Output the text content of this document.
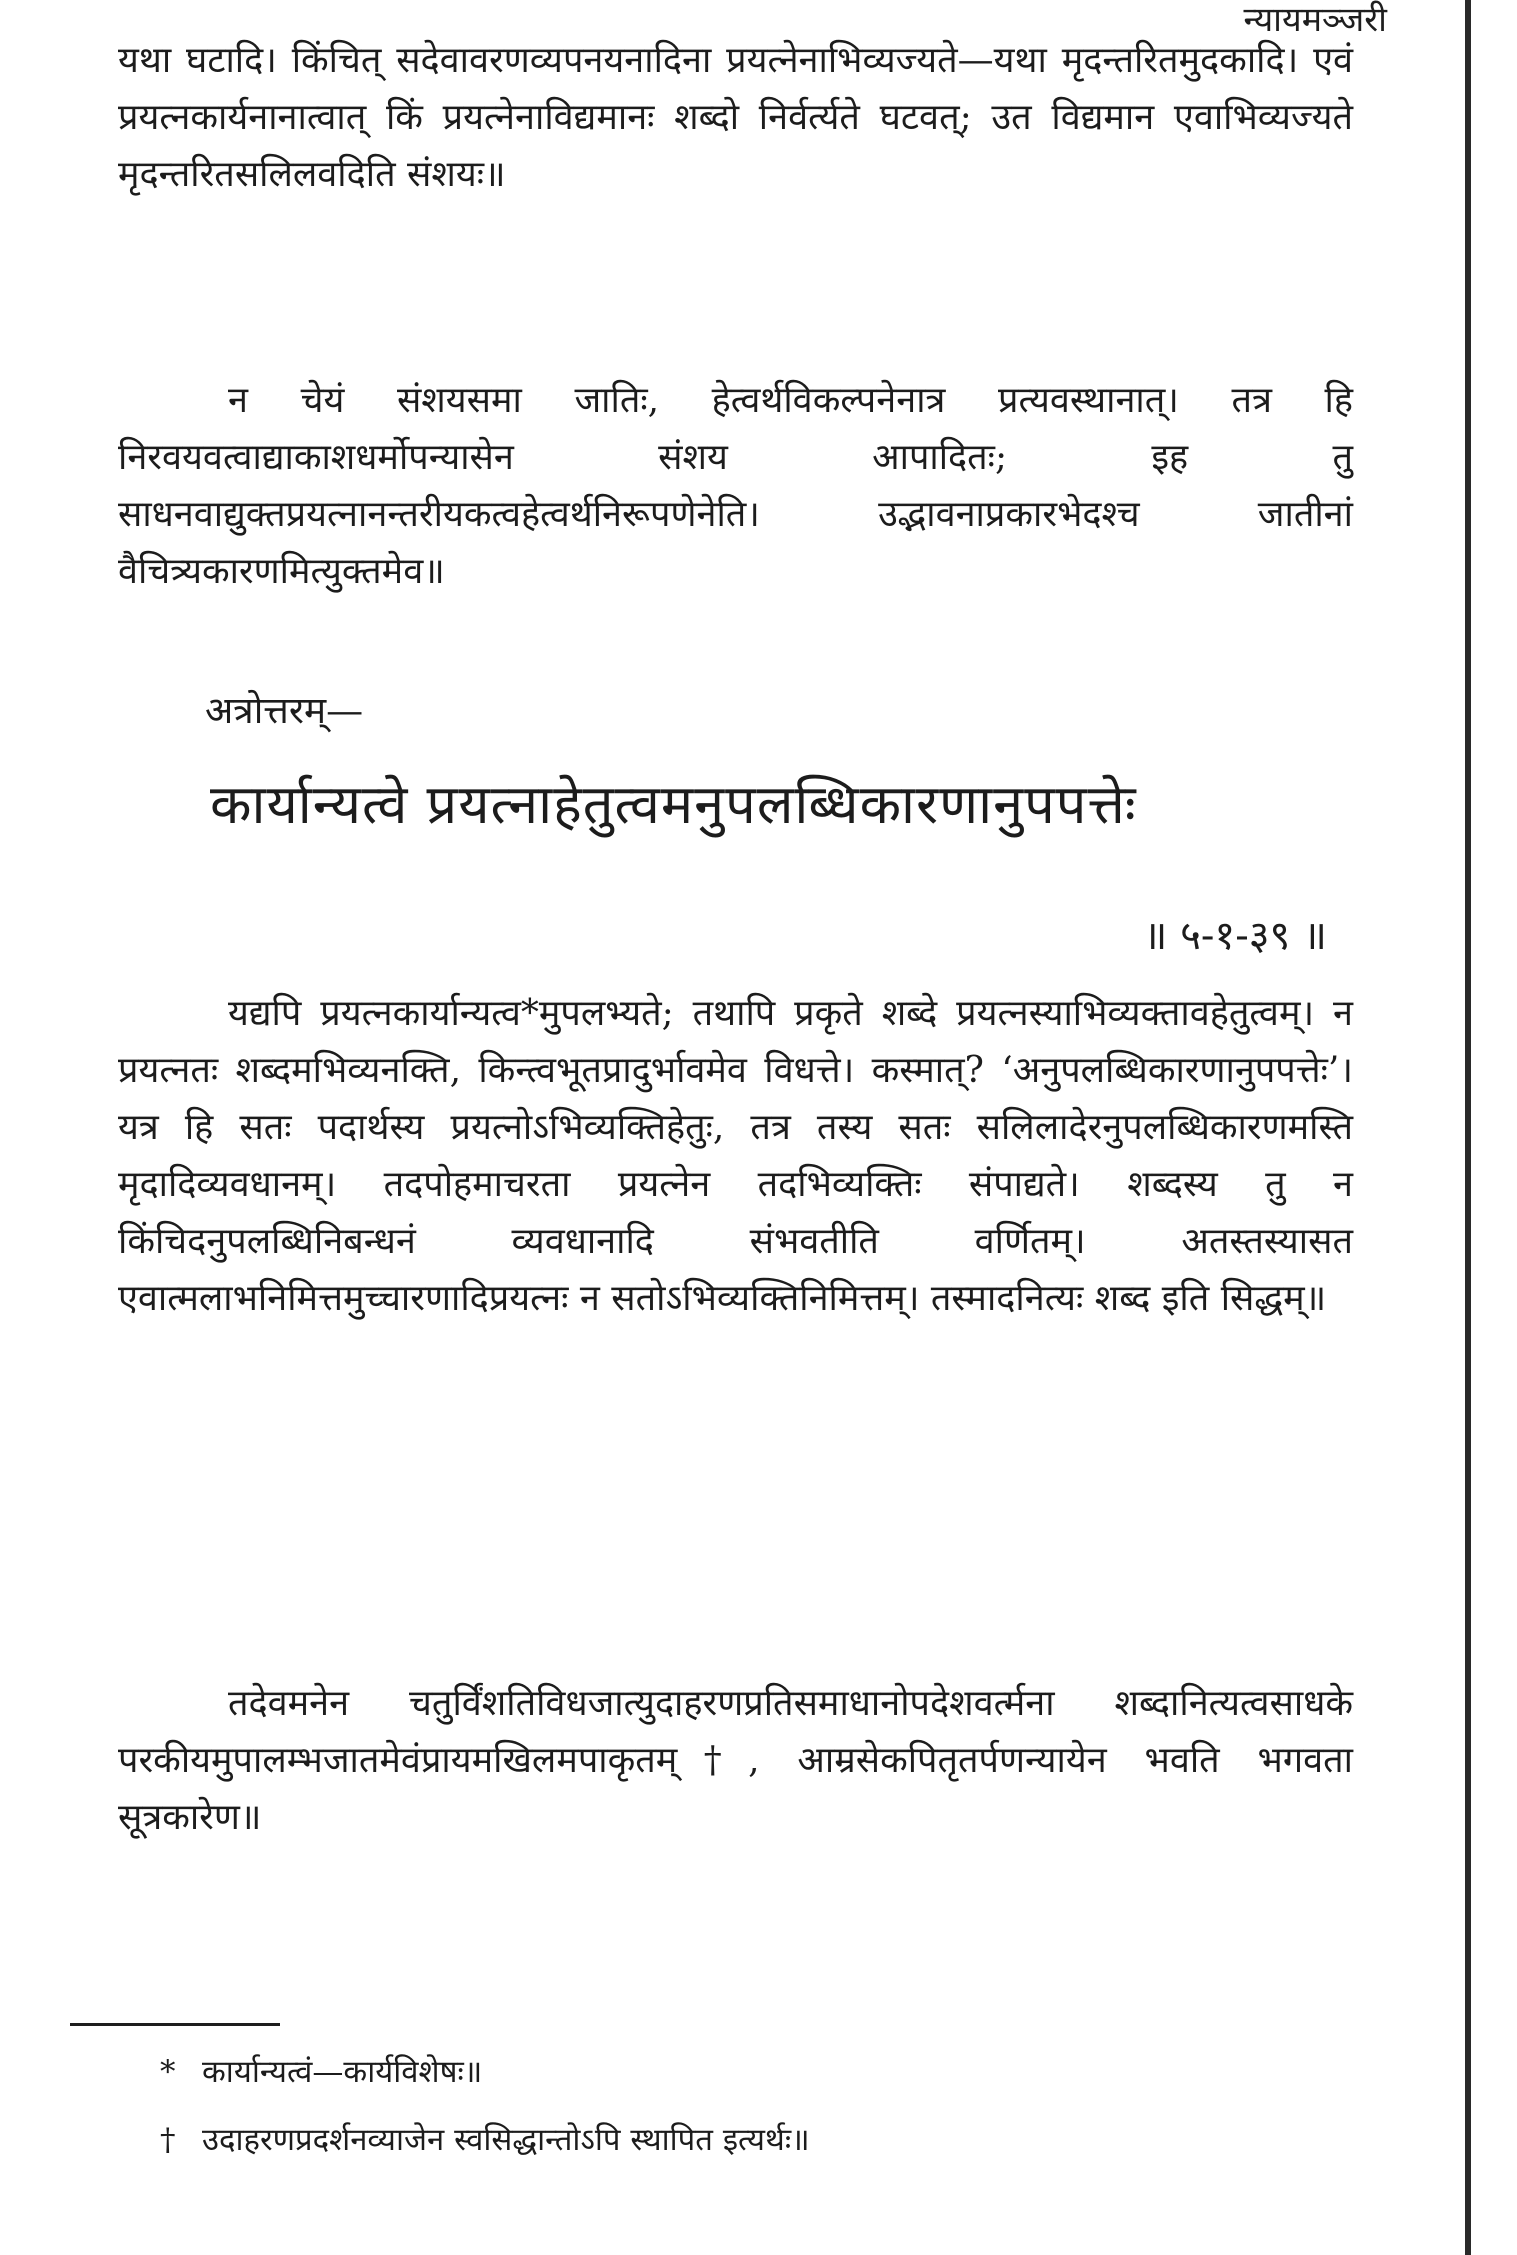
न्यायमञ्जरी

यथा घटादि। किंचित् सदेवावरणव्यपनयनादिना प्रयत्नेनाभिव्यज्यते—यथा मृदन्तरितमुदकादि। एवं प्रयत्नकार्यनानात्वात् किं प्रयत्नेनाविद्यमानः शब्दो निर्वर्त्यते घटवत्; उत विद्यमान एवाभिव्यज्यते मृदन्तरितसलिलवदिति संशयः॥

न चेयं संशयसमा जातिः, हेत्वर्थविकल्पनेनात्र प्रत्यवस्थानात्। तत्र हि निरवयवत्वाद्याकाशधर्मोपन्यासेन संशय आपादितः; इह तु साधनवाद्युक्तप्रयत्नानन्तरीयकत्वहेत्वर्थनिरूपणेनेति। उद्भावनाप्रकारभेदश्च जातीनां वैचित्र्यकारणमित्युक्तमेव॥

अत्रोत्तरम्—
कार्यान्यत्वे प्रयत्नाहेतुत्वमनुपलब्धिकारणानुपपत्तेः
॥ ५-१-३९ ॥

यद्यपि प्रयत्नकार्यान्यत्व*मुपलभ्यते; तथापि प्रकृते शब्दे प्रयत्नस्याभिव्यक्तावहेतुत्वम्। न प्रयत्नतः शब्दमभिव्यनक्ति, किन्त्वभूतप्रादुर्भावमेव विधत्ते। कस्मात्? ‘अनुपलब्धिकारणानुपपत्तेः’। यत्र हि सतः पदार्थस्य प्रयत्नोऽभिव्यक्तिहेतुः, तत्र तस्य सतः सलिलादेरनुपलब्धिकारणमस्ति मृदादिव्यवधानम्। तदपोहमाचरता प्रयत्नेन तदभिव्यक्तिः संपाद्यते। शब्दस्य तु न किंचिदनुपलब्धिनिबन्धनं व्यवधानादि संभवतीति वर्णितम्। अतस्तस्यासत एवात्मलाभनिमित्तमुच्चारणादिप्रयत्नः न सतोऽभिव्यक्तिनिमित्तम्। तस्मादनित्यः शब्द इति सिद्धम्॥

तदेवमनेन चतुर्विंशतिविधजात्युदाहरणप्रतिसमाधानोपदेशवर्त्मना शब्दानित्यत्वसाधके परकीयमुपालम्भजातमेवंप्रायमखिलमपाकृतम्†, आम्रसेकपितृतर्पणन्यायेन भवति भगवता सूत्रकारेण॥

* कार्यान्यत्वं—कार्यविशेषः॥
† उदाहरणप्रदर्शनव्याजेन स्वसिद्धान्तोऽपि स्थापित इत्यर्थः॥
